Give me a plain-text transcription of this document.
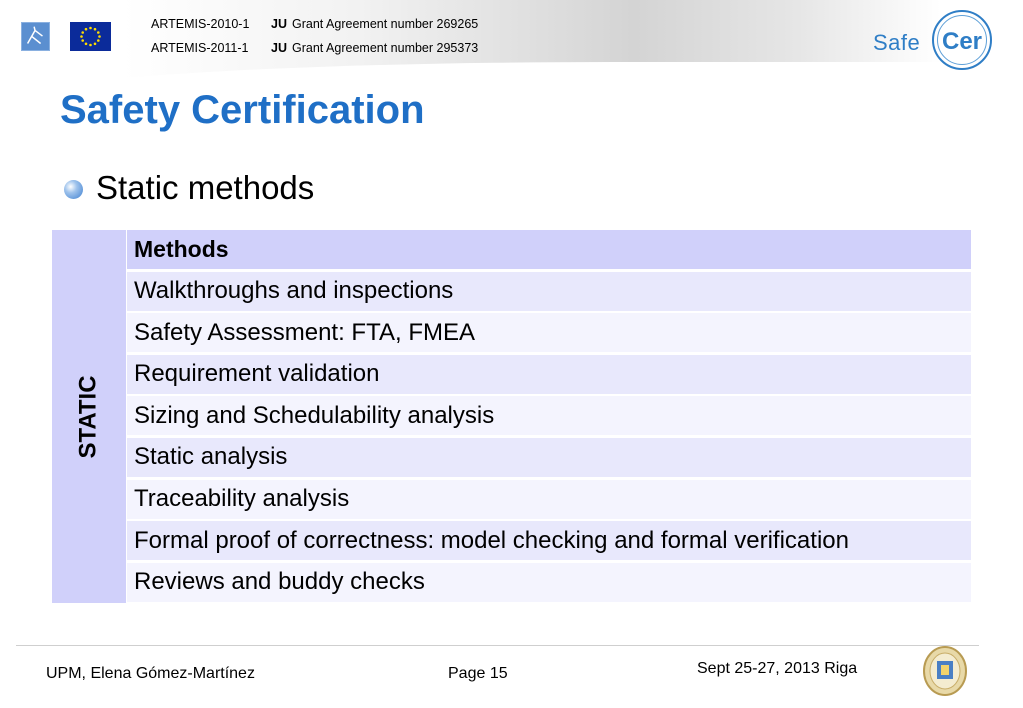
ARTEMIS-2010-1 JU Grant Agreement number 269265
ARTEMIS-2011-1 JU Grant Agreement number 295373	Safe Cer
Safety Certification
Static methods
STATIC
Methods
Walkthroughs and inspections
Safety Assessment: FTA, FMEA
Requirement validation
Sizing and Schedulability analysis
Static analysis
Traceability analysis
Formal proof of correctness: model checking and formal verification
Reviews and buddy checks
UPM, Elena Gómez-Martínez	Page 15	Sept 25-27, 2013 Riga
